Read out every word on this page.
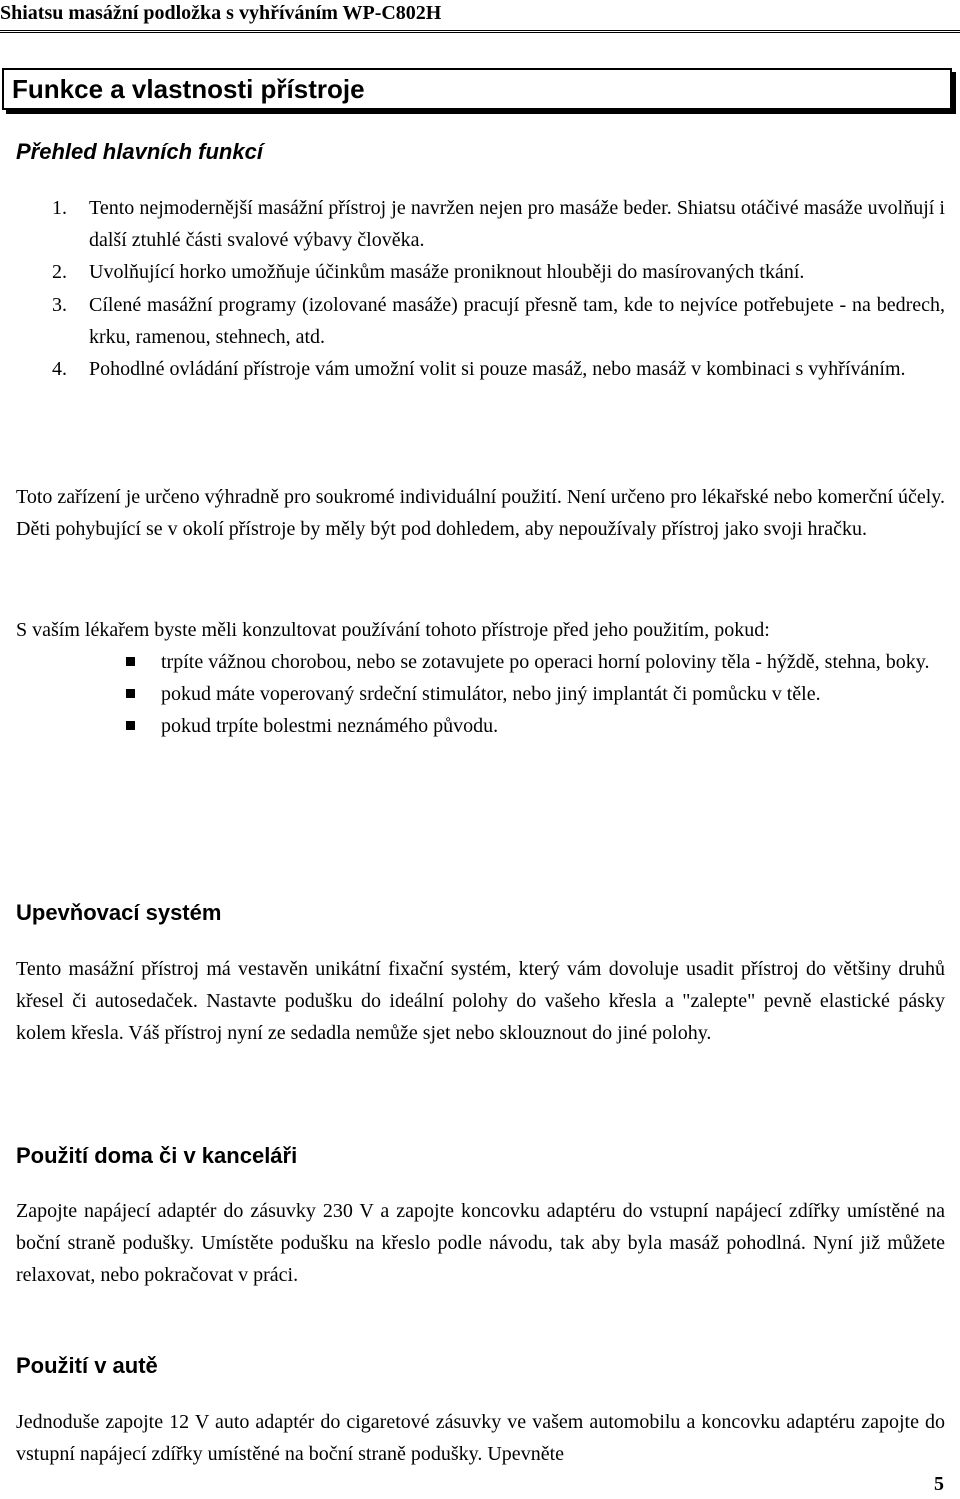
Shiatsu masážní podložka s vyhříváním WP-C802H
Funkce a vlastnosti přístroje
Přehled hlavních funkcí
1. Tento nejmodernější masážní přístroj je navržen nejen pro masáže beder. Shiatsu otáčivé masáže uvolňují i další ztuhlé části svalové výbavy člověka.
2. Uvolňující horko umožňuje účinkům masáže proniknout hlouběji do masírovaných tkání.
3. Cílené masážní programy (izolované masáže) pracují přesně tam, kde to nejvíce potřebujete - na bedrech, krku, ramenou, stehnech, atd.
4. Pohodlné ovládání přístroje vám umožní volit si pouze masáž, nebo masáž v kombinaci s vyhříváním.

Toto zařízení je určeno výhradně pro soukromé individuální použití. Není určeno pro lékařské nebo komerční účely. Děti pohybující se v okolí přístroje by měly být pod dohledem, aby nepoužívaly přístroj jako svoji hračku.

S vaším lékařem byste měli konzultovat používání tohoto přístroje před jeho použitím, pokud:

trpíte vážnou chorobou, nebo se zotavujete po operaci horní poloviny těla - hýždě, stehna, boky.
pokud máte voperovaný srdeční stimulátor, nebo jiný implantát či pomůcku v těle.
pokud trpíte bolestmi neznámého původu.
Upevňovací systém

Tento masážní přístroj má vestavěn unikátní fixační systém, který vám dovoluje usadit přístroj do většiny druhů křesel či autosedaček. Nastavte podušku do ideální polohy do vašeho křesla a "zalepte" pevně elastické pásky kolem křesla. Váš přístroj nyní ze sedadla nemůže sjet nebo sklouznout do jiné polohy.

Použití doma či v kanceláři

Zapojte napájecí adaptér do zásuvky 230 V a zapojte koncovku adaptéru do vstupní napájecí zdířky umístěné na boční straně podušky. Umístěte podušku na křeslo podle návodu, tak aby byla masáž pohodlná. Nyní již můžete relaxovat, nebo pokračovat v práci.

Použití v autě

Jednoduše zapojte 12 V auto adaptér do cigaretové zásuvky ve vašem automobilu a koncovku adaptéru zapojte do vstupní napájecí zdířky umístěné na boční straně podušky. Upevněte

5
